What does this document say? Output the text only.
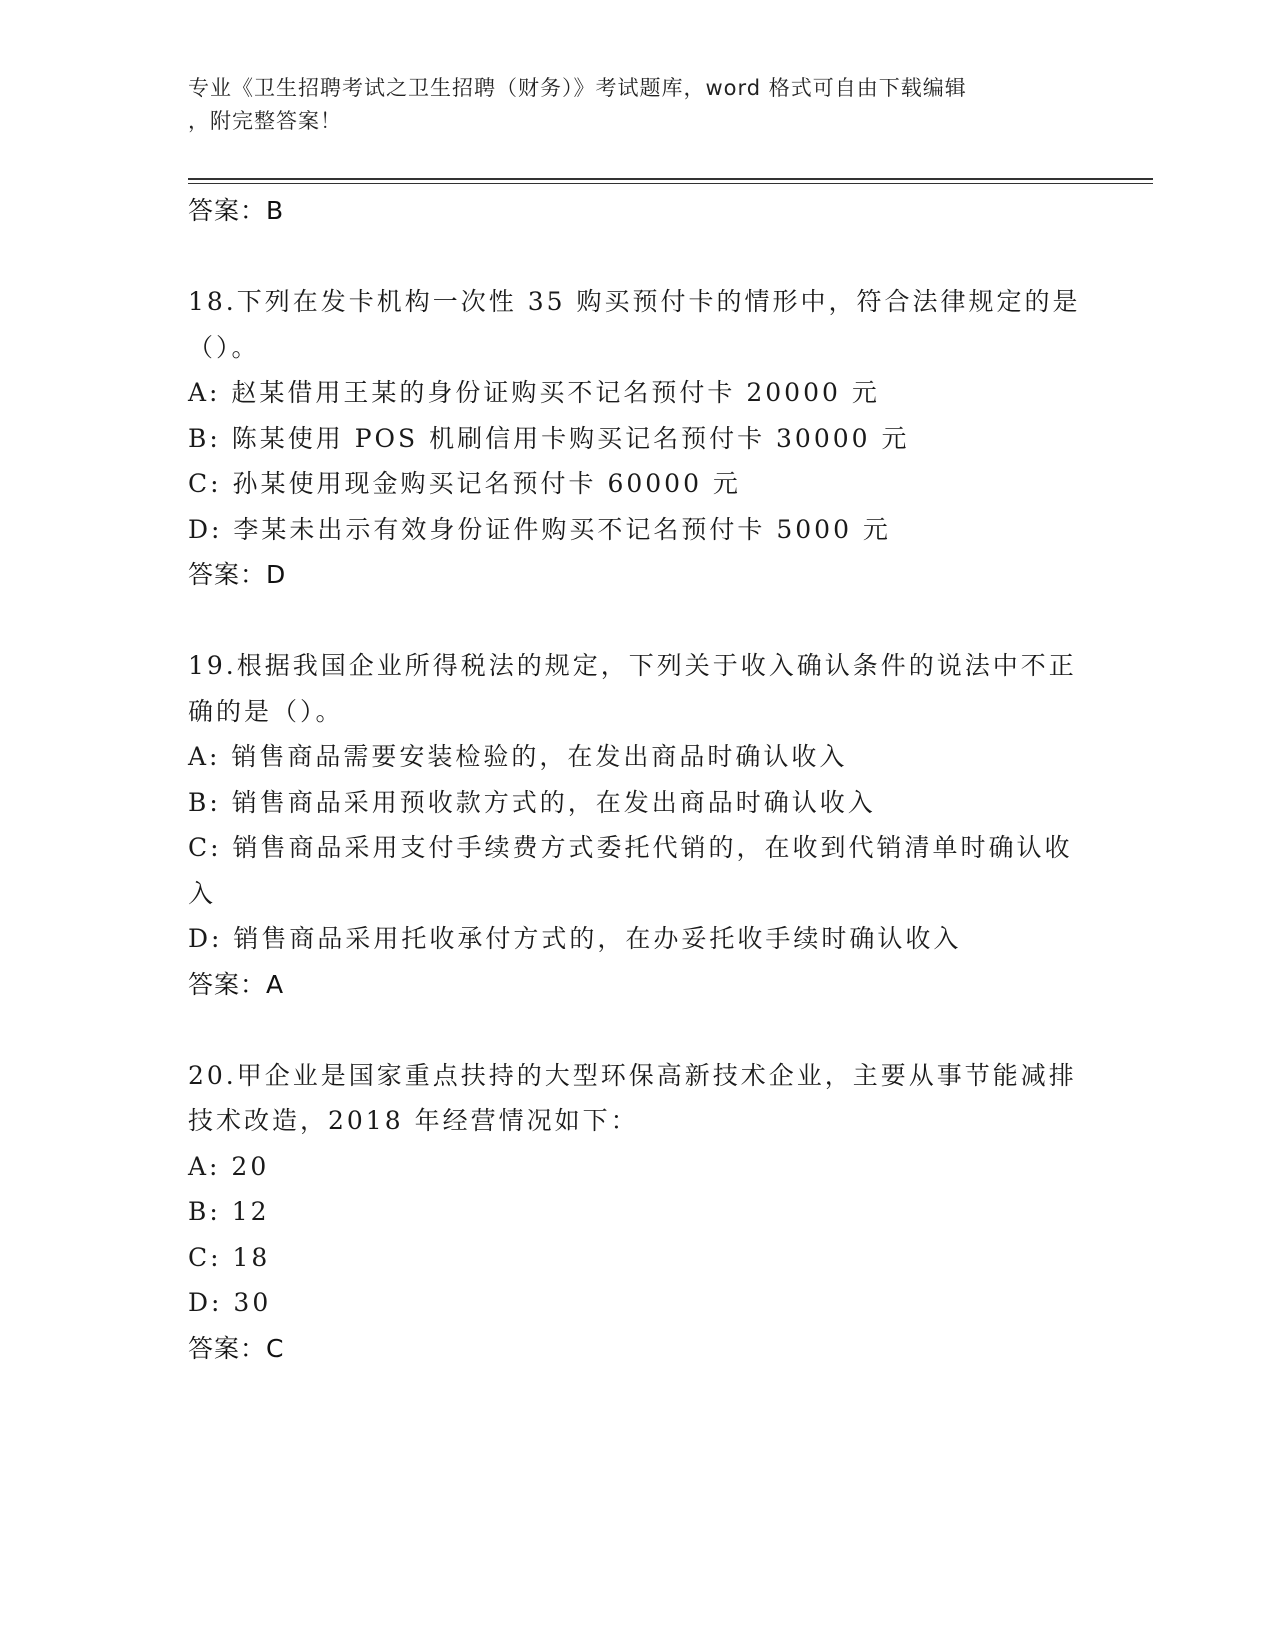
专业《卫生招聘考试之卫生招聘（财务）》考试题库，word 格式可自由下载编辑
，附完整答案！
答案：B
18.下列在发卡机构一次性 35 购买预付卡的情形中，符合法律规定的是（）。
A: 赵某借用王某的身份证购买不记名预付卡 20000 元
B: 陈某使用 POS 机刷信用卡购买记名预付卡 30000 元
C: 孙某使用现金购买记名预付卡 60000 元
D: 李某未出示有效身份证件购买不记名预付卡 5000 元
答案：D
19.根据我国企业所得税法的规定，下列关于收入确认条件的说法中不正确的是（）。
A: 销售商品需要安装检验的，在发出商品时确认收入
B: 销售商品采用预收款方式的，在发出商品时确认收入
C: 销售商品采用支付手续费方式委托代销的，在收到代销清单时确认收入
D: 销售商品采用托收承付方式的，在办妥托收手续时确认收入
答案：A
20.甲企业是国家重点扶持的大型环保高新技术企业，主要从事节能减排技术改造，2018 年经营情况如下：
A: 20
B: 12
C: 18
D: 30
答案：C
